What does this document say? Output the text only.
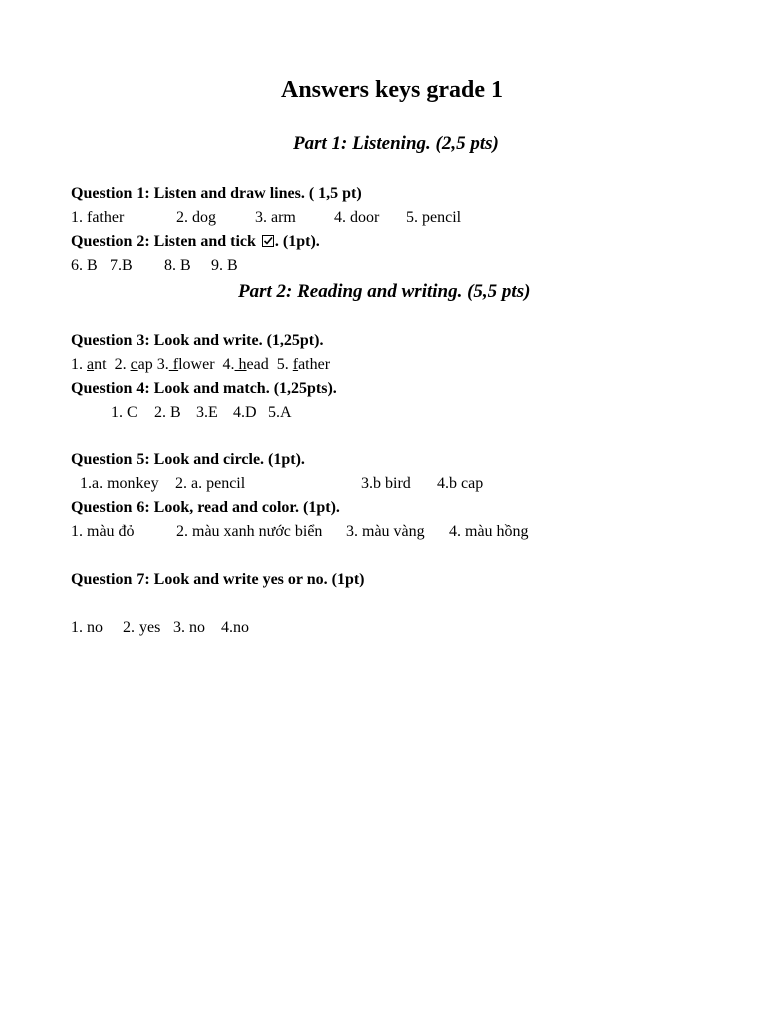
Answers keys grade 1
Part 1: Listening. (2,5 pts)
Question 1: Listen and draw lines. ( 1,5 pt)
1. father	2. dog 3. arm 4. door 5. pencil
Question 2: Listen and tick . (1pt).
6. B 7.B 8. B 9. B
Part 2: Reading and writing. (5,5 pts)
Question 3: Look and write. (1,25pt).
1. ant 2. cap 3. flower 4. head 5. father
Question 4: Look and match. (1,25pts).
1. C 2. B 3.E 4.D 5.A
Question 5: Look and circle. (1pt).
1.a. monkey 2. a. pencil	3.b bird 4.b cap
Question 6: Look, read and color. (1pt).
1. màu đỏ	2. màu xanh nước biển 3. màu vàng 4. màu hồng
Question 7: Look and write yes or no. (1pt)
1. no 2. yes 3. no 4.no
